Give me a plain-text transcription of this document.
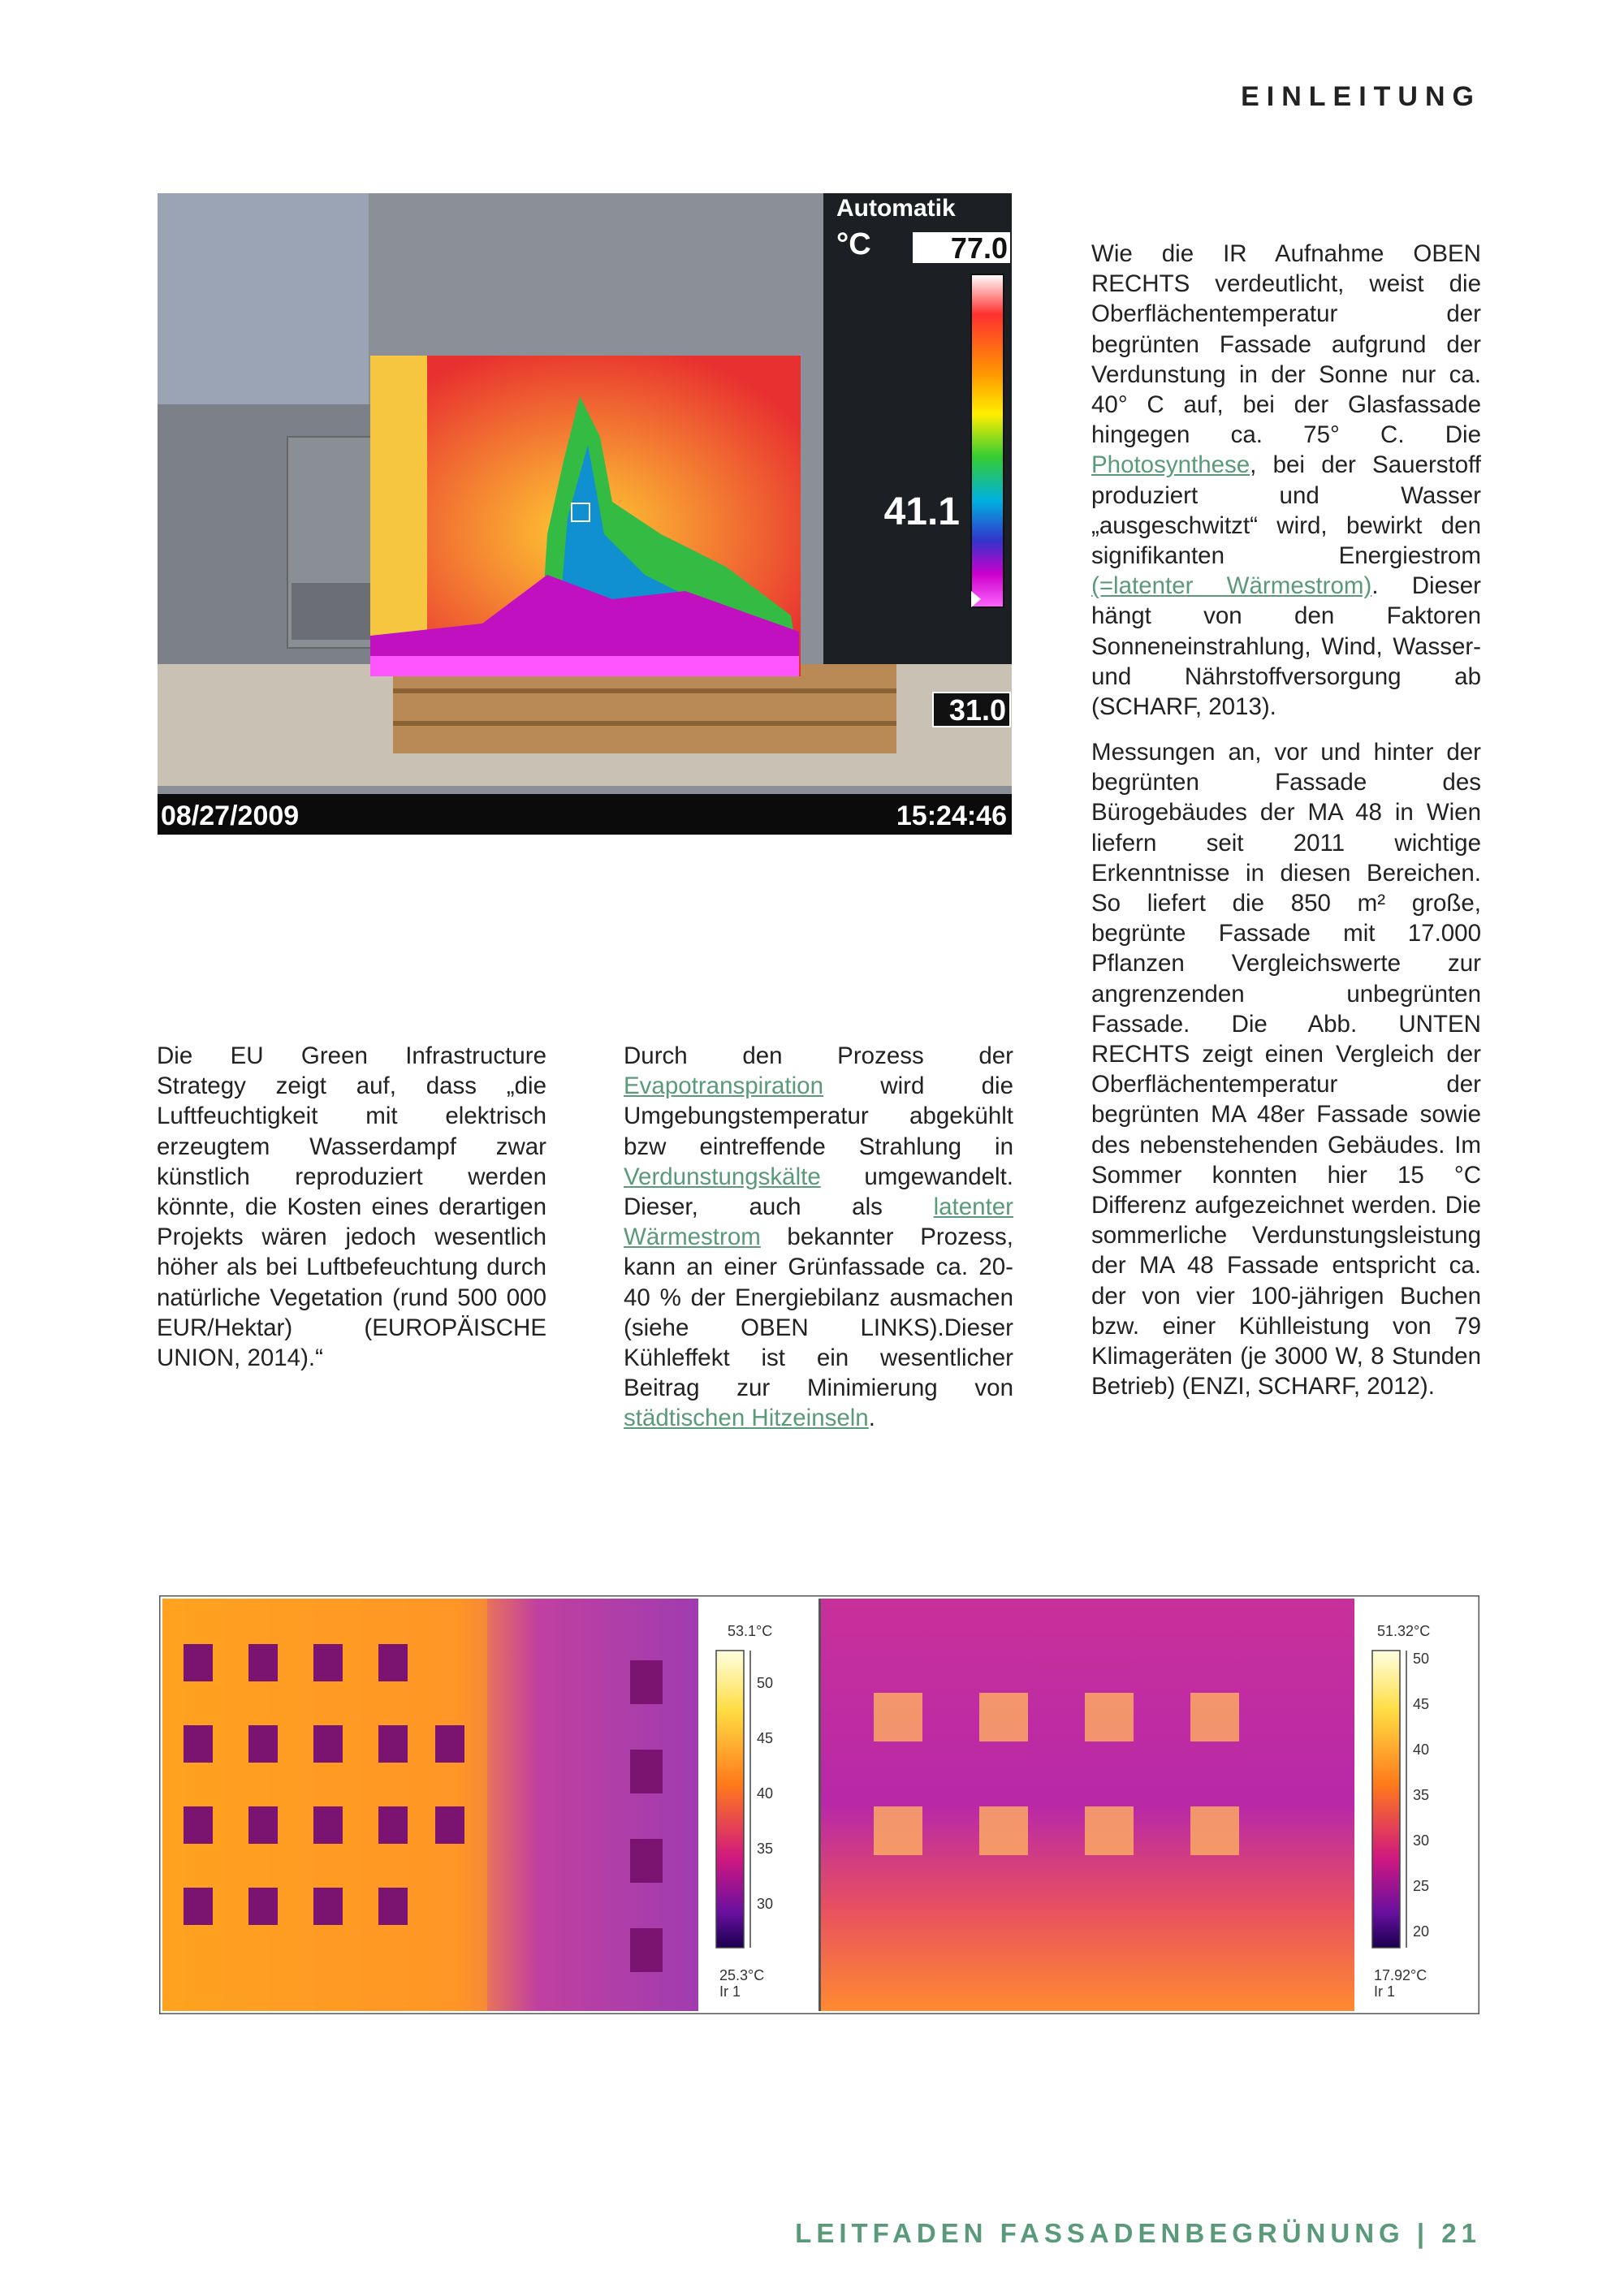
EINLEITUNG
Automatik
°C	77.0
41.1
31.0
08/27/2009	15:24:46

Die EU Green Infrastructure Strategy zeigt auf, dass „die Luftfeuchtigkeit mit elektrisch erzeugtem Wasserdampf zwar künstlich reproduziert werden könnte, die Kosten eines derartigen Projekts wären jedoch wesentlich höher als bei Luftbefeuchtung durch natürliche Vegetation (rund 500 000 EUR/Hektar) (EUROPÄISCHE UNION, 2014).“

Durch den Prozess der Evapotranspiration wird die Umgebungstemperatur abgekühlt bzw eintreffende Strahlung in Verdunstungskälte umgewandelt. Dieser, auch als latenter Wärmestrom bekannter Prozess, kann an einer Grünfassade ca. 20-40 % der Energiebilanz ausmachen (siehe OBEN LINKS).Dieser Kühleffekt ist ein wesentlicher Beitrag zur Minimierung von städtischen Hitzeinseln.

Wie die IR Aufnahme OBEN RECHTS verdeutlicht, weist die Oberflächentemperatur der begrünten Fassade aufgrund der Verdunstung in der Sonne nur ca. 40° C auf, bei der Glasfassade hingegen ca. 75° C. Die Photosynthese, bei der Sauerstoff produziert und Wasser „ausgeschwitzt“ wird, bewirkt den signifikanten Energiestrom (=latenter Wärmestrom). Dieser hängt von den Faktoren Sonneneinstrahlung, Wind, Wasser- und Nährstoffversorgung ab (SCHARF, 2013).

Messungen an, vor und hinter der begrünten Fassade des Bürogebäudes der MA 48 in Wien liefern seit 2011 wichtige Erkenntnisse in diesen Bereichen. So liefert die 850 m² große, begrünte Fassade mit 17.000 Pflanzen Vergleichswerte zur angrenzenden unbegrünten Fassade. Die Abb. UNTEN RECHTS zeigt einen Vergleich der Oberflächentemperatur der begrünten MA 48er Fassade sowie des nebenstehenden Gebäudes. Im Sommer konnten hier 15 °C Differenz aufgezeichnet werden. Die sommerliche Verdunstungsleistung der MA 48 Fassade entspricht ca. der von vier 100-jährigen Buchen bzw. einer Kühlleistung von 79 Klimageräten (je 3000 W, 8 Stunden Betrieb) (ENZI, SCHARF, 2012).

53.1°C
50
45
40
35
30
25.3°C
Ir 1
51.32°C
50
45
40
35
30
25
20
17.92°C
Ir 1
LEITFADEN FASSADENBEGRÜNUNG | 21
